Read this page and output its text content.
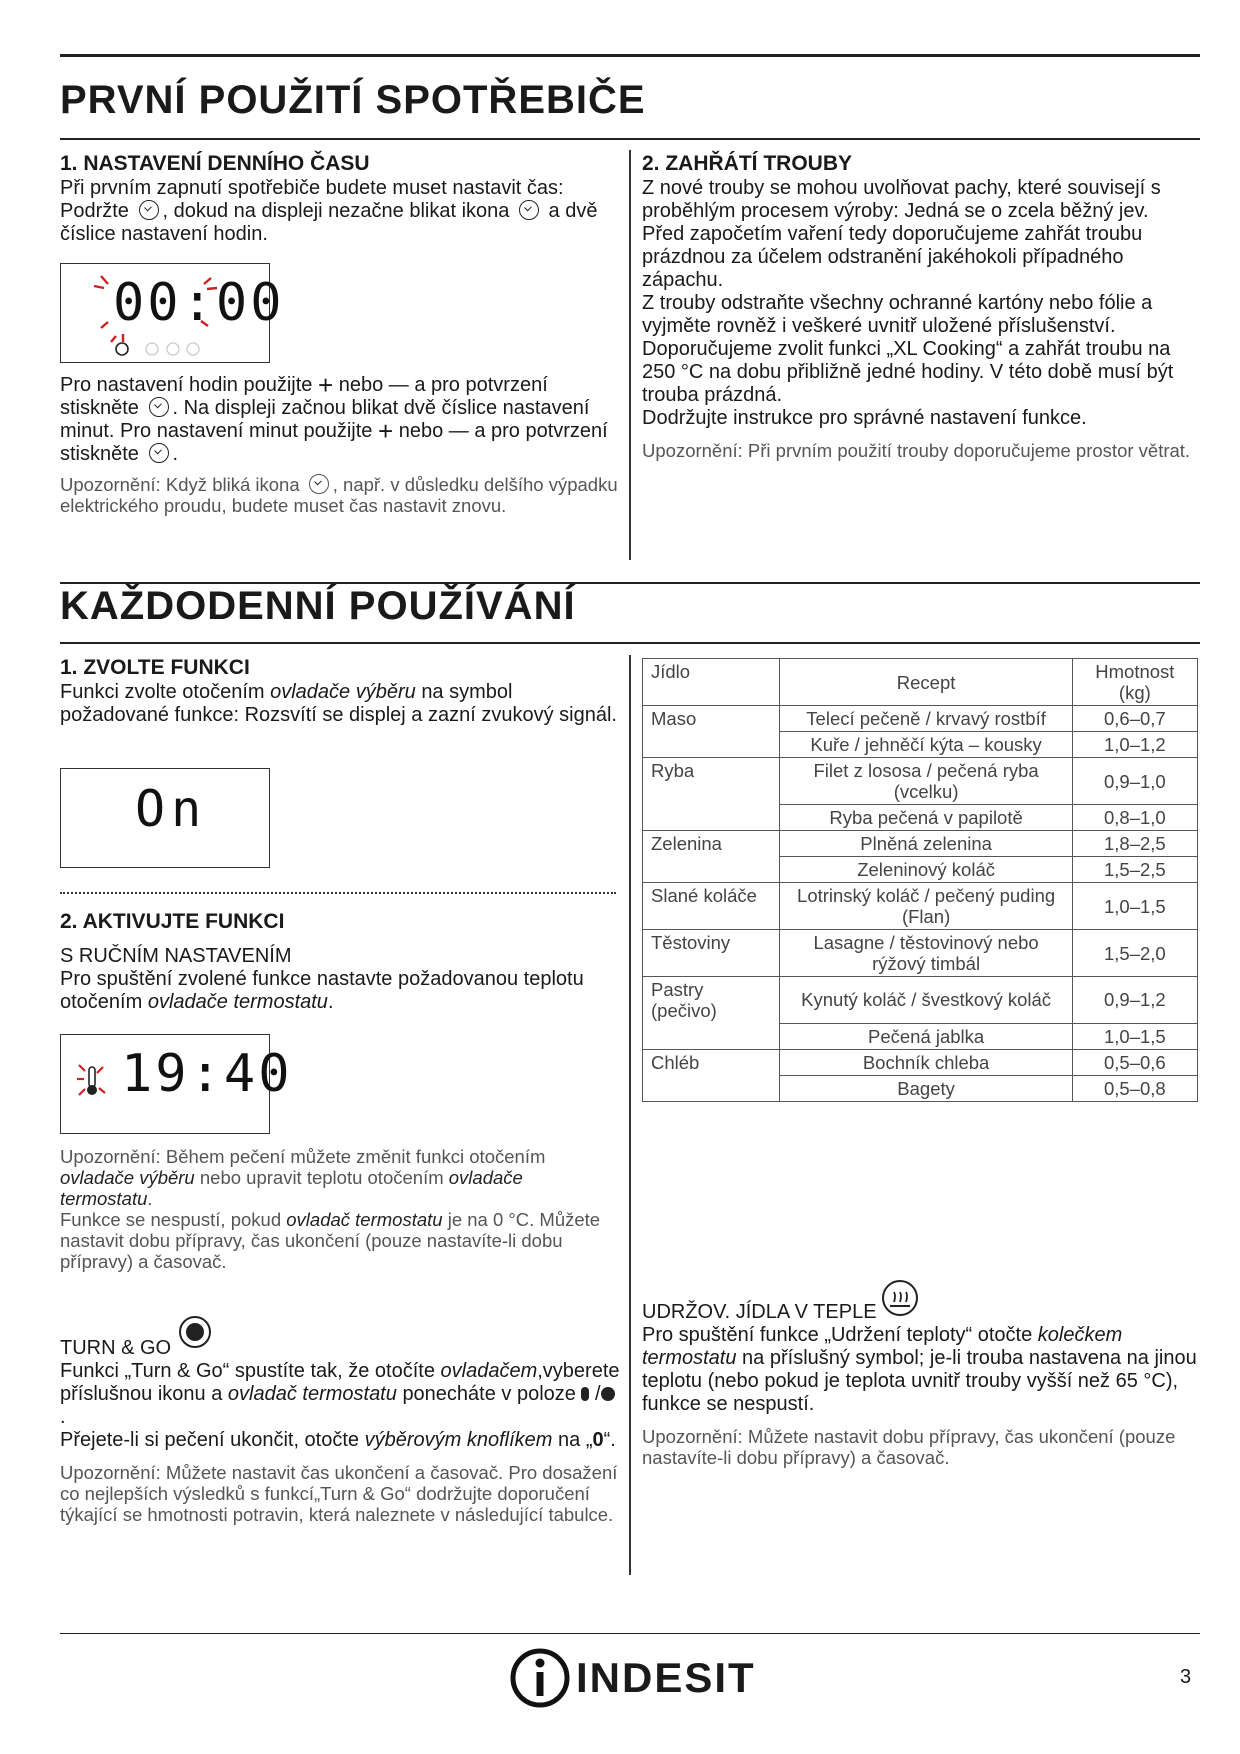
PRVNÍ POUŽITÍ SPOTŘEBIČE
1. NASTAVENÍ DENNÍHO ČASU

Při prvním zapnutí spotřebiče budete muset nastavit čas: Podržte , dokud na displeji nezačne blikat ikona a dvě číslice nastavení hodin.

00:00

Pro nastavení hodin použijte + nebo — a pro potvrzení stiskněte . Na displeji začnou blikat dvě číslice nastavení minut. Pro nastavení minut použijte + nebo — a pro potvrzení stiskněte .

Upozornění: Když bliká ikona , např. v důsledku delšího výpadku elektrického proudu, budete muset čas nastavit znovu.

2. ZAHŘÁTÍ TROUBY

Z nové trouby se mohou uvolňovat pachy, které souvisejí s proběhlým procesem výroby: Jedná se o zcela běžný jev.

Před započetím vaření tedy doporučujeme zahřát troubu prázdnou za účelem odstranění jakéhokoli případného zápachu.

Z trouby odstraňte všechny ochranné kartóny nebo fólie a vyjměte rovněž i veškeré uvnitř uložené příslušenství.

Doporučujeme zvolit funkci „XL Cooking“ a zahřát troubu na 250 °C na dobu přibližně jedné hodiny. V této době musí být trouba prázdná.

Dodržujte instrukce pro správné nastavení funkce.

Upozornění: Při prvním použití trouby doporučujeme prostor větrat.

KAŽDODENNÍ POUŽÍVÁNÍ
1. ZVOLTE FUNKCI

Funkci zvolte otočením ovladače výběru na symbol požadované funkce: Rozsvítí se displej a zazní zvukový signál.

On
2. AKTIVUJTE FUNKCI

S RUČNÍM NASTAVENÍM

Pro spuštění zvolené funkce nastavte požadovanou teplotu otočením ovladače termostatu.

19:40

Upozornění: Během pečení můžete změnit funkci otočením ovladače výběru nebo upravit teplotu otočením ovladače termostatu.

Funkce se nespustí, pokud ovladač termostatu je na 0 °C. Můžete nastavit dobu přípravy, čas ukončení (pouze nastavíte-li dobu přípravy) a časovač.

TURN & GO

Funkci „Turn & Go“ spustíte tak, že otočíte ovladačem,vyberete příslušnou ikonu a ovladač termostatu ponecháte v poloze /.

Přejete-li si pečení ukončit, otočte výběrovým knoflíkem na „0“.

Upozornění: Můžete nastavit čas ukončení a časovač. Pro dosažení co nejlepších výsledků s funkcí„Turn & Go“ dodržujte doporučení týkající se hmotnosti potravin, která naleznete v následující tabulce.

Jídlo	Recept	Hmotnost (kg)
Maso	Telecí pečeně / krvavý rostbíf	0,6–0,7
	Kuře / jehněčí kýta – kousky	1,0–1,2
Ryba	Filet z lososa / pečená ryba (vcelku)	0,9–1,0
	Ryba pečená v papilotě	0,8–1,0
Zelenina	Plněná zelenina	1,8–2,5
	Zeleninový koláč	1,5–2,5
Slané koláče	Lotrinský koláč / pečený puding (Flan)	1,0–1,5
Těstoviny	Lasagne / těstovinový nebo rýžový timbál	1,5–2,0
Pastry (pečivo)	Kynutý koláč / švestkový koláč	0,9–1,2
	Pečená jablka	1,0–1,5
Chléb	Bochník chleba	0,5–0,6
	Bagety	0,5–0,8

UDRŽOV. JÍDLA V TEPLE

Pro spuštění funkce „Udržení teploty“ otočte kolečkem termostatu na příslušný symbol; je-li trouba nastavena na jinou teplotu (nebo pokud je teplota uvnitř trouby vyšší než 65 °C), funkce se nespustí.

Upozornění: Můžete nastavit dobu přípravy, čas ukončení (pouze nastavíte-li dobu přípravy) a časovač.

INDESIT	3
